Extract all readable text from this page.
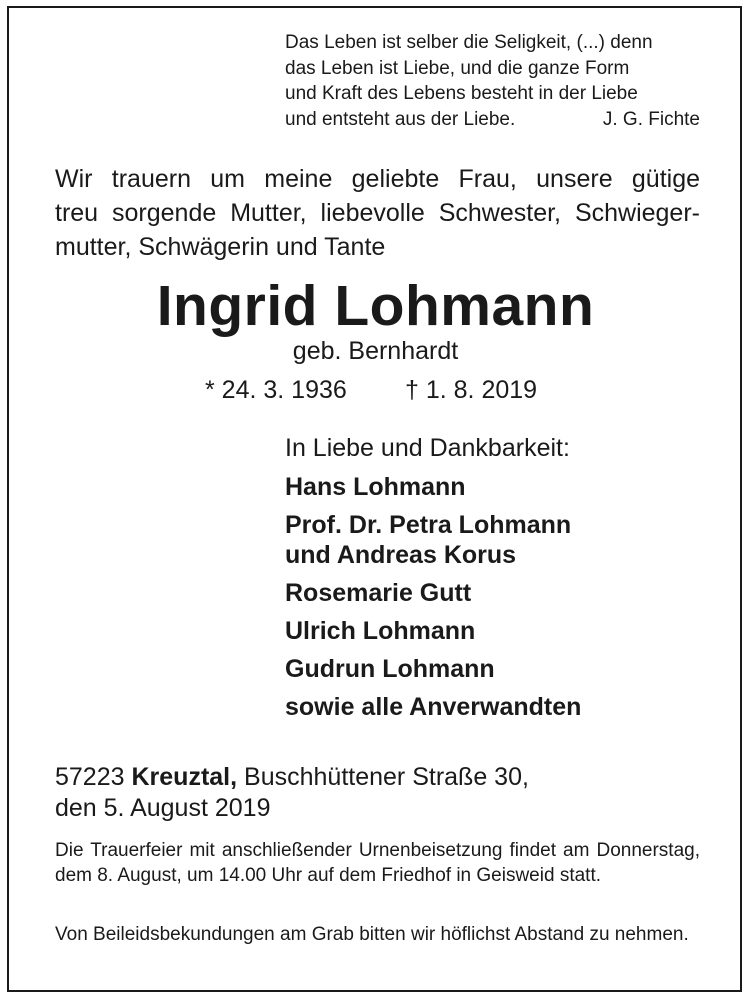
Das Leben ist selber die Seligkeit, (...) denn
das Leben ist Liebe, und die ganze Form
und Kraft des Lebens besteht in der Liebe
und entsteht aus der Liebe.	J. G. Fichte
Wir trauern um meine geliebte Frau, unsere gütige
treu sorgende Mutter, liebevolle Schwester, Schwieger-
mutter, Schwägerin und Tante
Ingrid Lohmann
geb. Bernhardt
* 24. 3. 1936 † 1. 8. 2019
In Liebe und Dankbarkeit:
Hans Lohmann
Prof. Dr. Petra Lohmann
und Andreas Korus
Rosemarie Gutt
Ulrich Lohmann
Gudrun Lohmann
sowie alle Anverwandten
57223 Kreuztal, Buschhüttener Straße 30,
den 5. August 2019
Die Trauerfeier mit anschließender Urnenbeisetzung findet am Donnerstag, dem 8. August, um 14.00 Uhr auf dem Friedhof in Geisweid statt.
Von Beileidsbekundungen am Grab bitten wir höflichst Abstand zu nehmen.
